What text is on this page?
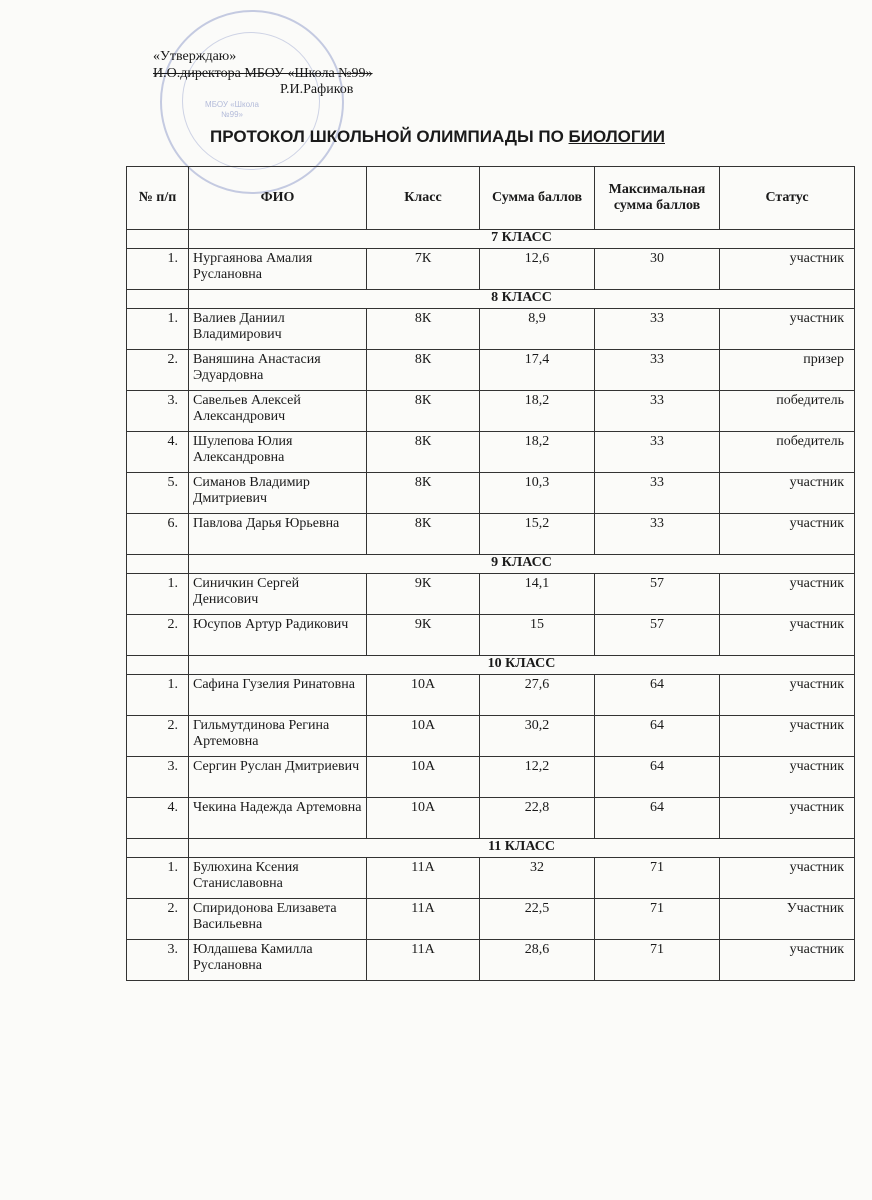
МБОУ «Школа №99»
«Утверждаю»
И.О.директора МБОУ «Школа №99»
Р.И.Рафиков
ПРОТОКОЛ ШКОЛЬНОЙ ОЛИМПИАДЫ ПО БИОЛОГИИ
№ п/п	ФИО	Класс	Сумма баллов	Максимальная сумма баллов	Статус
	7 КЛАСС				
1.	Нургаянова Амалия Руслановна	7К	12,6	30	участник
	8 КЛАСС				
1.	Валиев Даниил Владимирович	8К	8,9	33	участник
2.	Ваняшина Анастасия Эдуардовна	8К	17,4	33	призер
3.	Савельев Алексей Александрович	8К	18,2	33	победитель
4.	Шулепова Юлия Александровна	8К	18,2	33	победитель
5.	Симанов Владимир Дмитриевич	8К	10,3	33	участник
6.	Павлова Дарья Юрьевна	8К	15,2	33	участник
	9 КЛАСС				
1.	Синичкин Сергей Денисович	9К	14,1	57	участник
2.	Юсупов Артур Радикович	9К	15	57	участник
	10 КЛАСС				
1.	Сафина Гузелия Ринатовна	10А	27,6	64	участник
2.	Гильмутдинова Регина Артемовна	10А	30,2	64	участник
3.	Сергин Руслан Дмитриевич	10А	12,2	64	участник
4.	Чекина Надежда Артемовна	10А	22,8	64	участник
	11 КЛАСС				
1.	Булюхина Ксения Станиславовна	11А	32	71	участник
2.	Спиридонова Елизавета Васильевна	11А	22,5	71	Участник
3.	Юлдашева Камилла Руслановна	11А	28,6	71	участник
